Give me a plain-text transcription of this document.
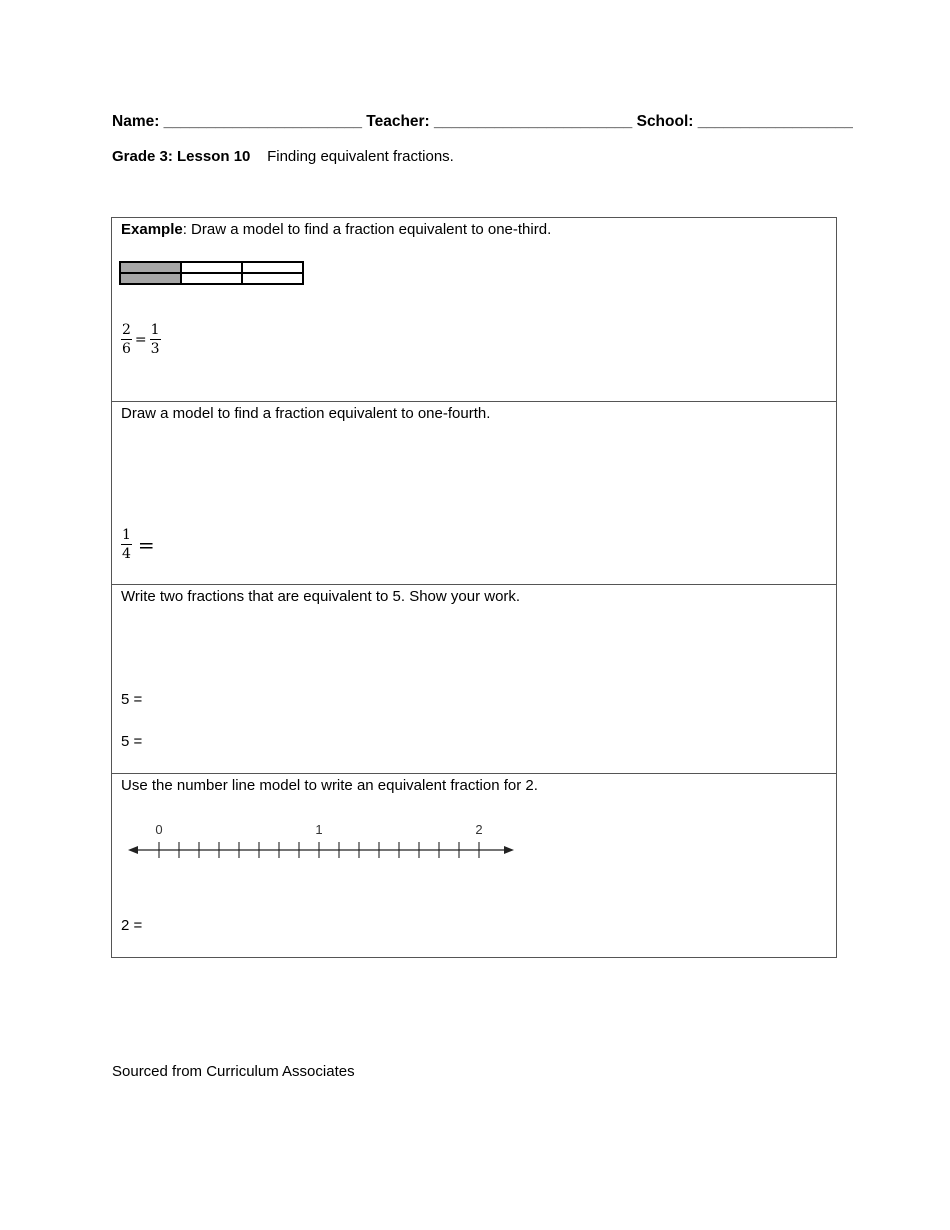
Name: _______________________ Teacher: _______________________ School: __________________
Grade 3: Lesson 10 Finding equivalent fractions.
Example: Draw a model to find a fraction equivalent to one-third.

$\frac{2}{6} = \frac{1}{3}$
Draw a model to find a fraction equivalent to one-fourth.
$\frac{1}{4}$ =
Write two fractions that are equivalent to 5. Show your work.
5 =
5 =
Use the number line model to write an equivalent fraction for 2.
0	1	2
2 =
Sourced from Curriculum Associates
